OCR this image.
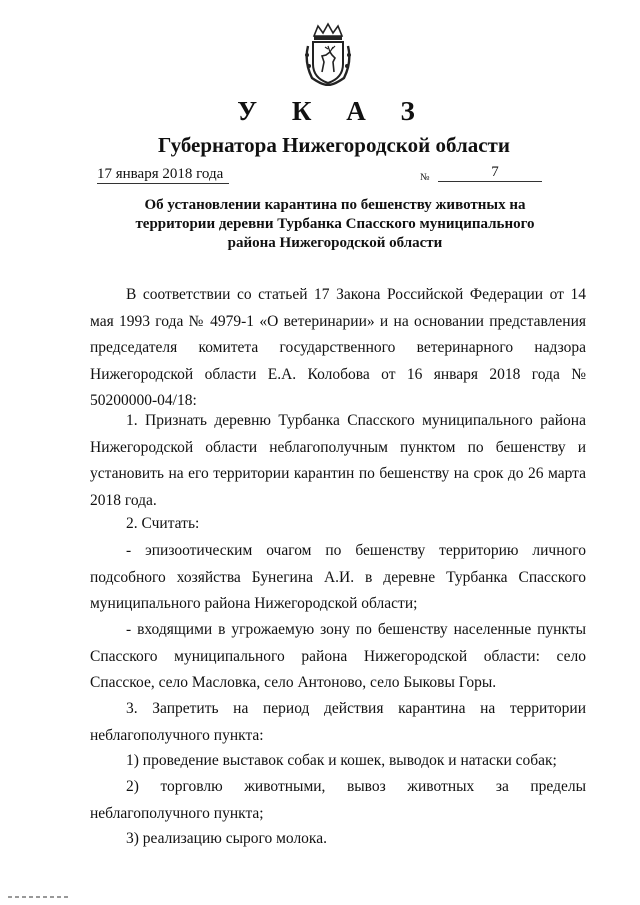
У К А З
Губернатора Нижегородской области
17 января 2018 года	№	7
Об установлении карантина по бешенству животных на территории деревни Турбанка Спасского муниципального района Нижегородской области

В соответствии со статьей 17 Закона Российской Федерации от 14 мая 1993 года № 4979-1 «О ветеринарии» и на основании представления председателя комитета государственного ветеринарного надзора Нижегородской области Е.А. Колобова от 16 января 2018 года № 50200000-04/18:

1. Признать деревню Турбанка Спасского муниципального района Нижегородской области неблагополучным пунктом по бешенству и установить на его территории карантин по бешенству на срок до 26 марта 2018 года.

2. Считать:

- эпизоотическим очагом по бешенству территорию личного подсобного хозяйства Бунегина А.И. в деревне Турбанка Спасского муниципального района Нижегородской области;

- входящими в угрожаемую зону по бешенству населенные пункты Спасского муниципального района Нижегородской области: село Спасское, село Масловка, село Антоново, село Быковы Горы.

3. Запретить на период действия карантина на территории неблагополучного пункта:

1) проведение выставок собак и кошек, выводок и натаски собак;

2) торговлю животными, вывоз животных за пределы неблагополучного пункта;

3) реализацию сырого молока.
